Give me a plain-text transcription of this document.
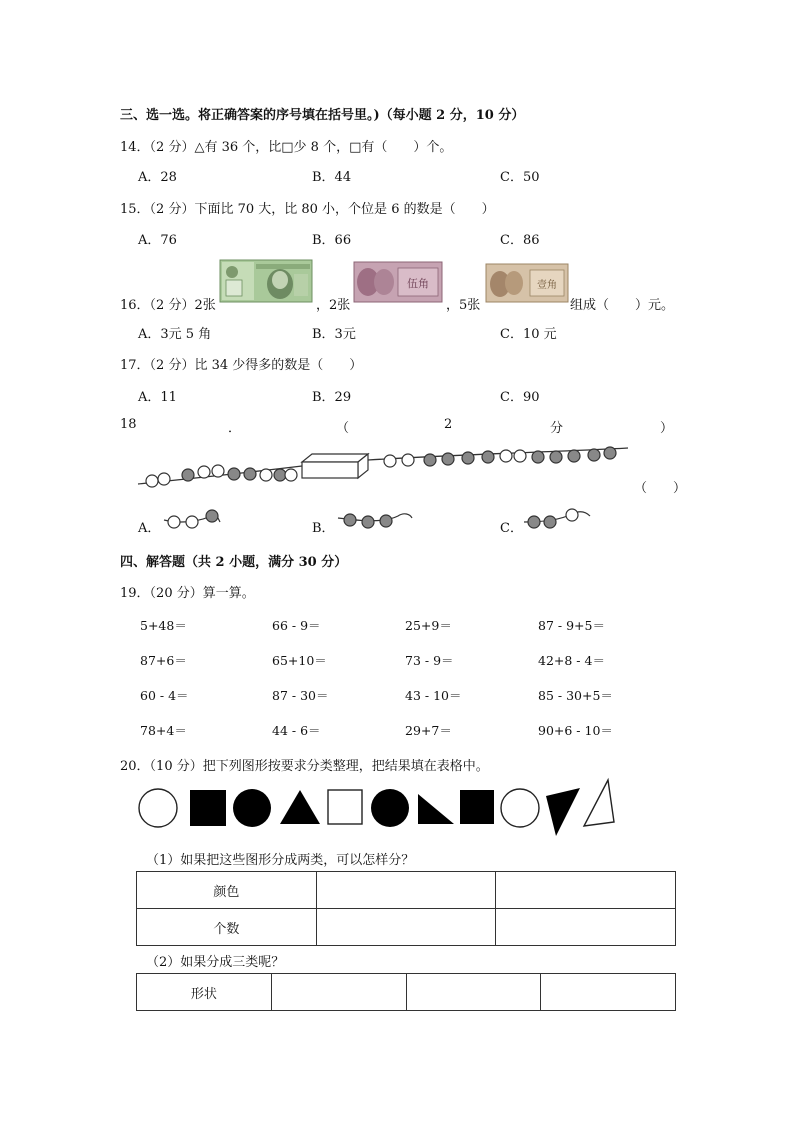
三、选一选。将正确答案的序号填在括号里。)（每小题 2 分，10 分）
14．（2 分）△有 36 个，比□少 8 个，□有（　　）个。
A．28	B．44	C．50
15．（2 分）下面比 70 大，比 80 小，个位是 6 的数是（　　）
A．76	B．66	C．86
16．（2 分）2张	，2张
伍角
，5张
壹角
组成（　　）元。
A．3元 5 角	B．3元	C．10 元
17．（2 分）比 34 少得多的数是（　　）
A．11	B．29	C．90
18	．	（	2	分	）
（　　）
A．	B．	C．
四、解答题（共 2 小题，满分 30 分）
19．（20 分）算一算。
5+48＝	66 - 9＝	25+9＝	87 - 9+5＝
87+6＝	65+10＝	73 - 9＝	42+8 - 4＝
60 - 4＝	87 - 30＝	43 - 10＝	85 - 30+5＝
78+4＝	44 - 6＝	29+7＝	90+6 - 10＝
20．（10 分）把下列图形按要求分类整理，把结果填在表格中。
（1）如果把这些图形分成两类，可以怎样分？
颜色		
个数		
（2）如果分成三类呢？
形状			
